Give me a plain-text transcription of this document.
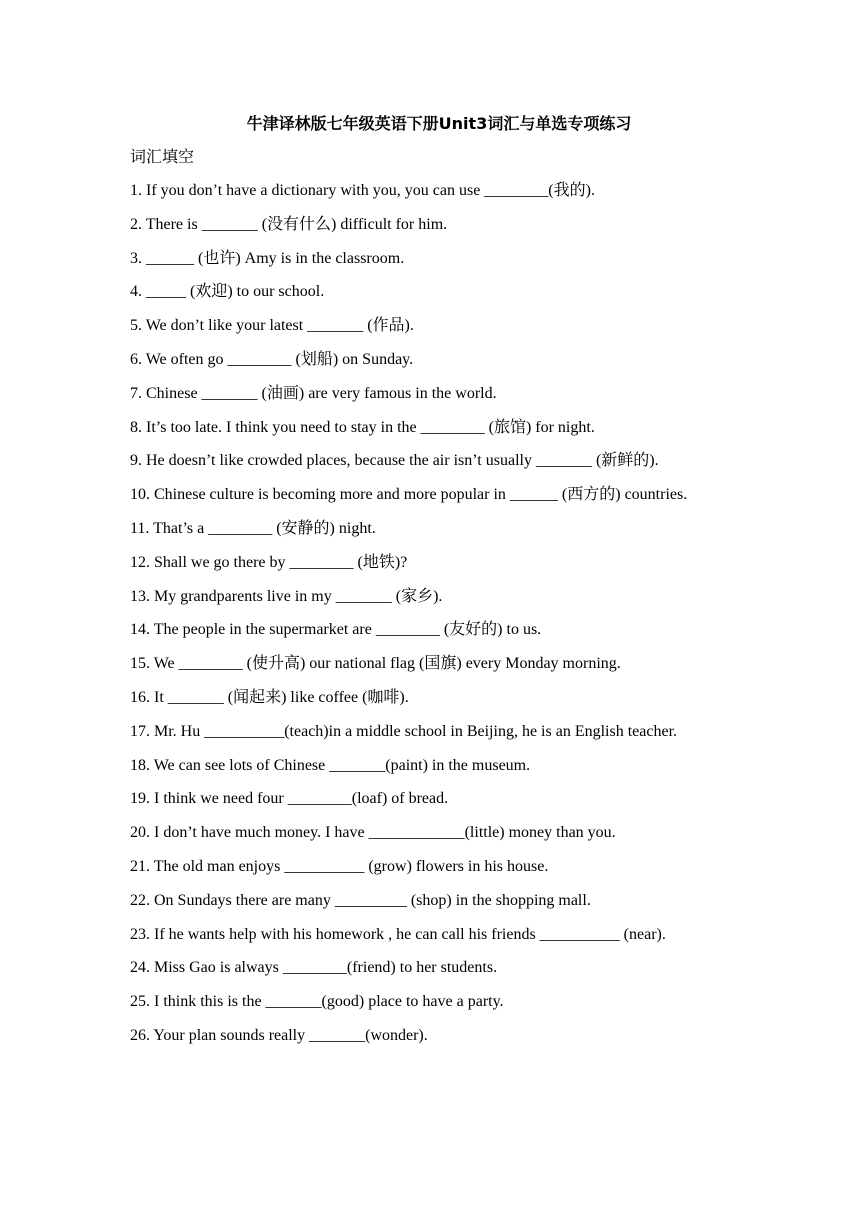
牛津译林版七年级英语下册Unit3词汇与单选专项练习
词汇填空
1. If you don’t have a dictionary with you, you can use ________(我的).
2. There is _______ (没有什么) difficult for him.
3. ______ (也许) Amy is in the classroom.
4. _____ (欢迎) to our school.
5. We don’t like your latest _______ (作品).
6. We often go ________ (划船) on Sunday.
7. Chinese _______ (油画) are very famous in the world.
8. It’s too late. I think you need to stay in the ________ (旅馆) for night.
9. He doesn’t like crowded places, because the air isn’t usually _______ (新鲜的).
10. Chinese culture is becoming more and more popular in ______ (西方的) countries.
11. That’s a ________ (安静的) night.
12. Shall we go there by ________ (地铁)?
13. My grandparents live in my _______ (家乡).
14. The people in the supermarket are ________ (友好的) to us.
15. We ________ (使升高) our national flag (国旗) every Monday morning.
16. It _______ (闻起来) like coffee (咖啡).
17. Mr. Hu __________(teach)in a middle school in Beijing, he is an English teacher.
18. We can see lots of Chinese _______(paint) in the museum.
19. I think we need four ________(loaf) of bread.
20. I don’t have much money. I have ____________(little) money than you.
21. The old man enjoys __________ (grow) flowers in his house.
22. On Sundays there are many _________ (shop) in the shopping mall.
23. If he wants help with his homework , he can call his friends __________ (near).
24. Miss Gao is always ________(friend) to her students.
25. I think this is the _______(good) place to have a party.
26. Your plan sounds really _______(wonder).
